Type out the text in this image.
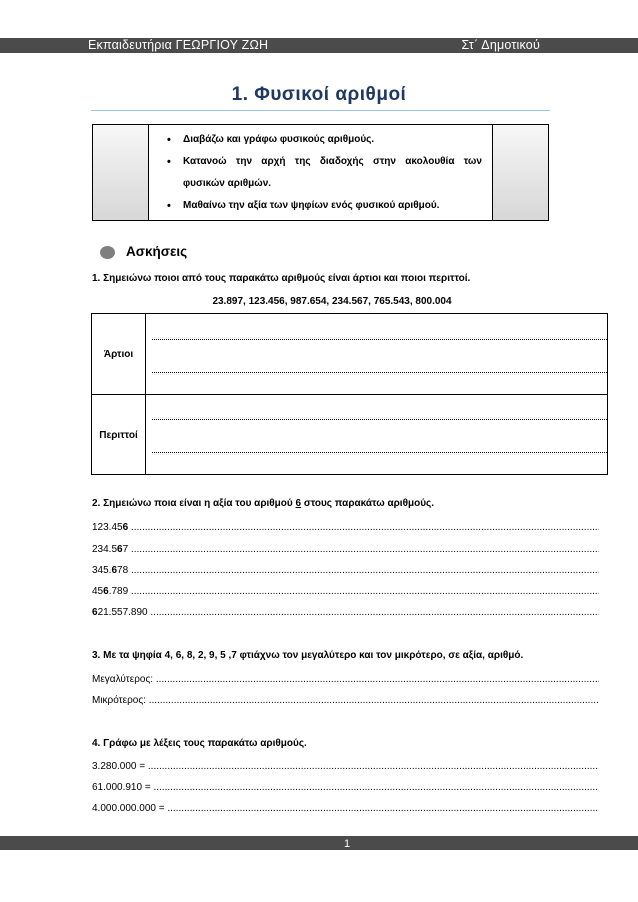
Εκπαιδευτήρια ΓΕΩΡΓΙΟΥ ΖΩΗ	Στ΄ Δημοτικού
1. Φυσικοί αριθμοί
• Διαβάζω και γράφω φυσικούς αριθμούς.
• Κατανοώ την αρχή της διαδοχής στην ακολουθία των
φυσικών αριθμών.
• Μαθαίνω την αξία των ψηφίων ενός φυσικού αριθμού.
Ασκήσεις
1. Σημειώνω ποιοι από τους παρακάτω αριθμούς είναι άρτιοι και ποιοι περιττοί.
23.897, 123.456, 987.654, 234.567, 765.543, 800.004
Άρτιοι
Περιττοί
2. Σημειώνω ποια είναι η αξία του αριθμού 6 στους παρακάτω αριθμούς.
123.456 .....
234.567 .....
345.678 .....
456.789 .....
621.557.890 .....
3. Με τα ψηφία 4, 6, 8, 2, 9, 5 ,7 φτιάχνω τον μεγαλύτερο και τον μικρότερο, σε αξία, αριθμό.
Μεγαλύτερος: .....
Μικρότερος: .....
4. Γράφω με λέξεις τους παρακάτω αριθμούς.
3.280.000 = .....
61.000.910 = .....
4.000.000.000 = .....
1
